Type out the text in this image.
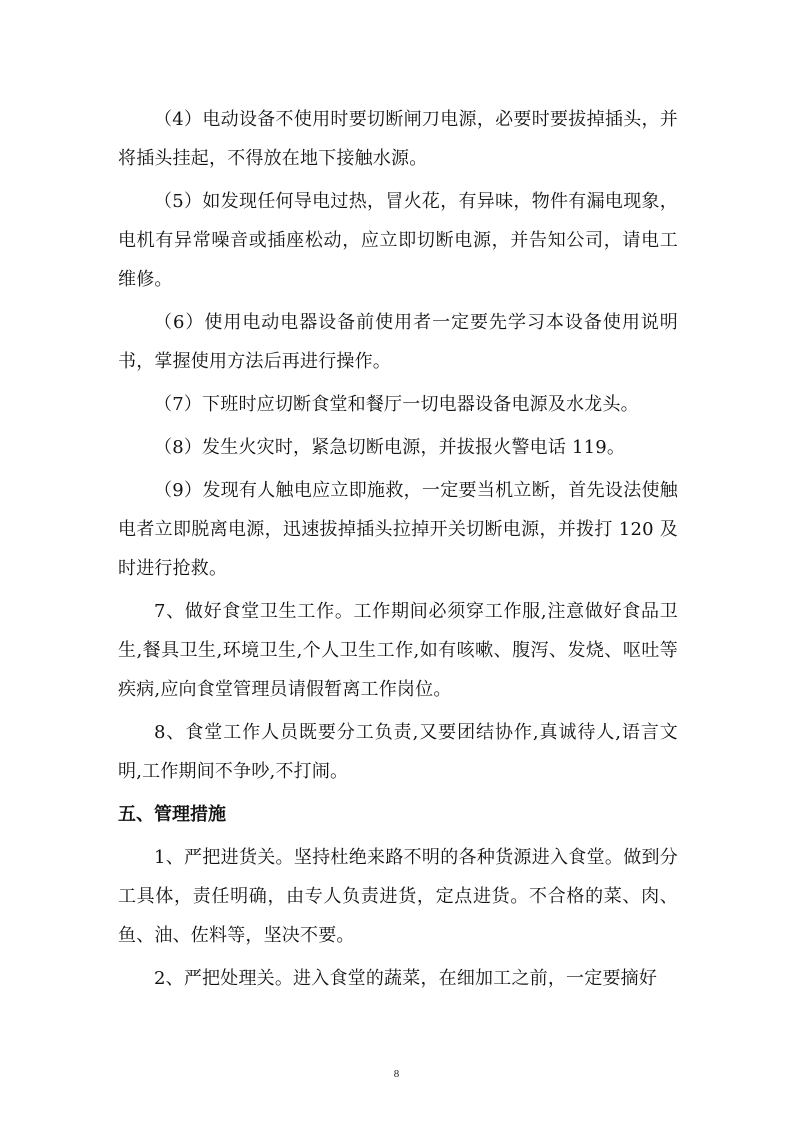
（4）电动设备不使用时要切断闸刀电源，必要时要拔掉插头，并将插头挂起，不得放在地下接触水源。

（5）如发现任何导电过热，冒火花，有异味，物件有漏电现象，电机有异常噪音或插座松动，应立即切断电源，并告知公司，请电工维修。

（6）使用电动电器设备前使用者一定要先学习本设备使用说明书，掌握使用方法后再进行操作。

（7）下班时应切断食堂和餐厅一切电器设备电源及水龙头。

（8）发生火灾时，紧急切断电源，并拔报火警电话 119。

（9）发现有人触电应立即施救，一定要当机立断，首先设法使触电者立即脱离电源，迅速拔掉插头拉掉开关切断电源，并拨打 120 及时进行抢救。

7、做好食堂卫生工作。工作期间必须穿工作服,注意做好食品卫生,餐具卫生,环境卫生,个人卫生工作,如有咳嗽、腹泻、发烧、呕吐等疾病,应向食堂管理员请假暂离工作岗位。

8、食堂工作人员既要分工负责,又要团结协作,真诚待人,语言文明,工作期间不争吵,不打闹。

五、管理措施

1、严把进货关。坚持杜绝来路不明的各种货源进入食堂。做到分工具体，责任明确，由专人负责进货，定点进货。不合格的菜、肉、鱼、油、佐料等，坚决不要。

2、严把处理关。进入食堂的蔬菜，在细加工之前，一定要摘好

8
